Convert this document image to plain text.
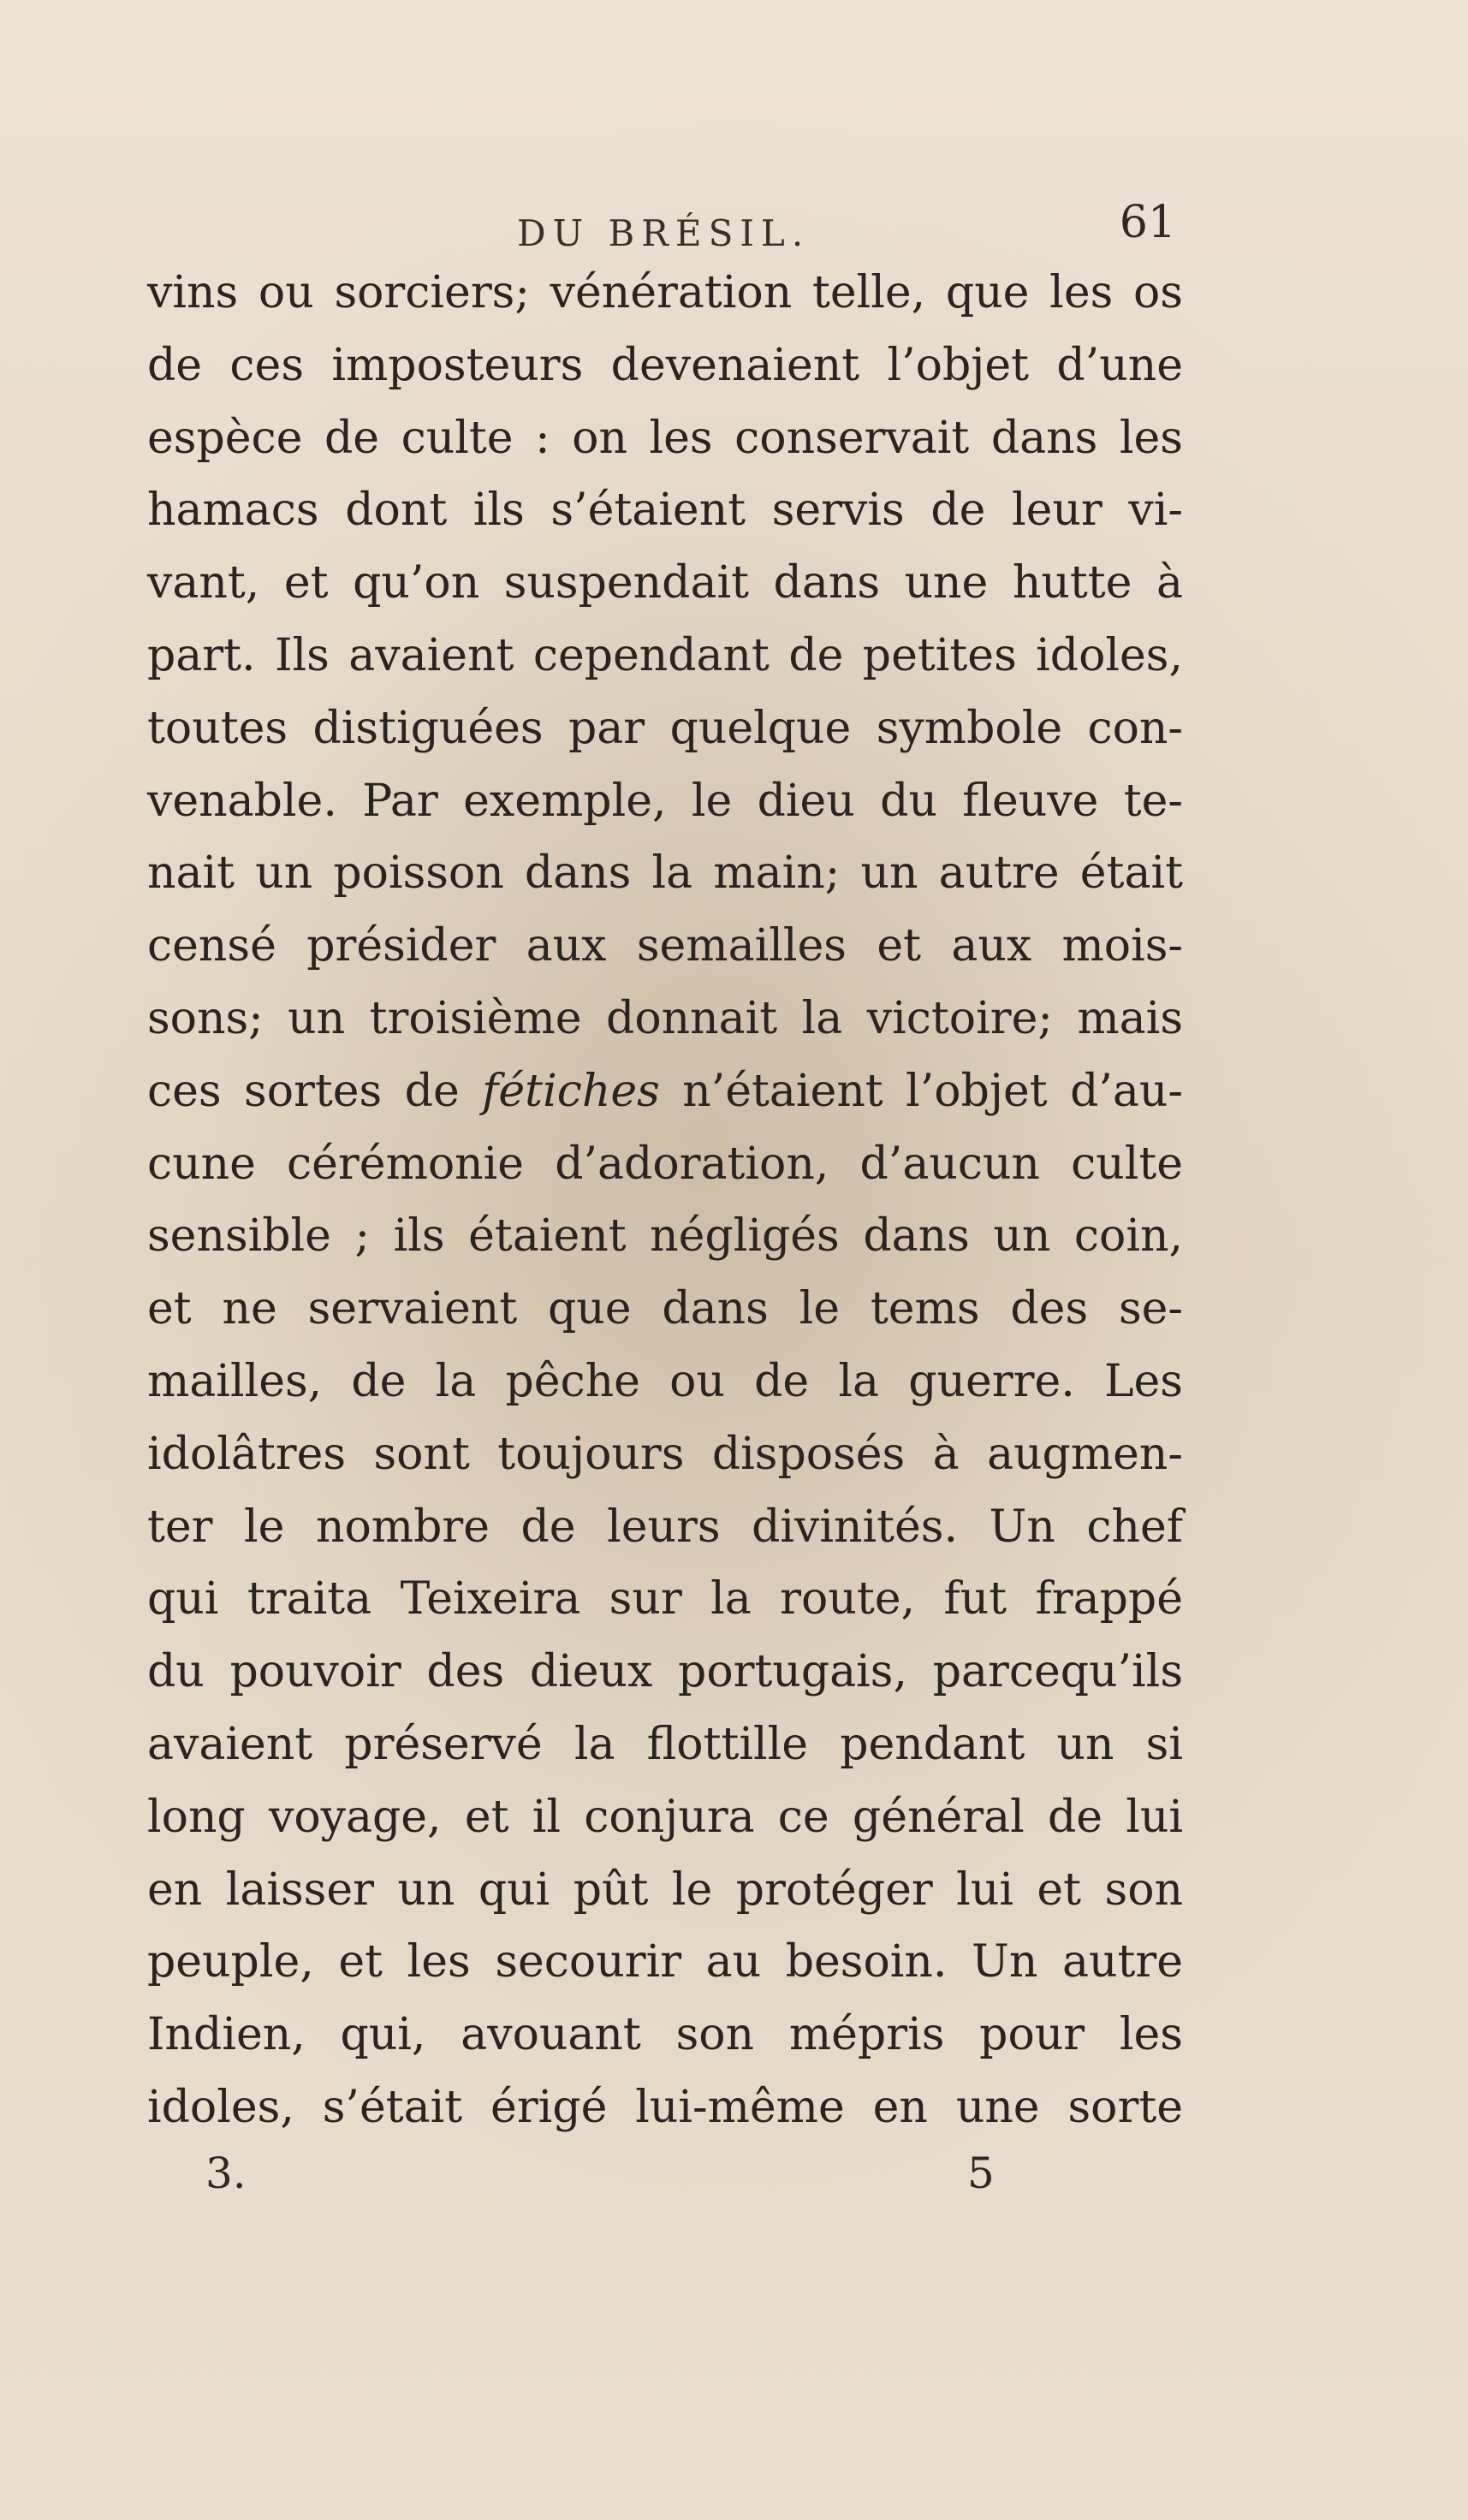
DU BRÉSIL.	61
vins ou sorciers; vénération telle, que les os
de ces imposteurs devenaient l’objet d’une
espèce de culte : on les conservait dans les
hamacs dont ils s’étaient servis de leur vi-
vant, et qu’on suspendait dans une hutte à
part. Ils avaient cependant de petites idoles,
toutes distiguées par quelque symbole con-
venable. Par exemple, le dieu du fleuve te-
nait un poisson dans la main; un autre était
censé présider aux semailles et aux mois-
sons; un troisième donnait la victoire; mais
ces sortes de fétiches n’étaient l’objet d’au-
cune cérémonie d’adoration, d’aucun culte
sensible ; ils étaient négligés dans un coin,
et ne servaient que dans le tems des se-
mailles, de la pêche ou de la guerre. Les
idolâtres sont toujours disposés à augmen-
ter le nombre de leurs divinités. Un chef
qui traita Teixeira sur la route, fut frappé
du pouvoir des dieux portugais, parcequ’ils
avaient préservé la flottille pendant un si
long voyage, et il conjura ce général de lui
en laisser un qui pût le protéger lui et son
peuple, et les secourir au besoin. Un autre
Indien, qui, avouant son mépris pour les
idoles, s’était érigé lui-même en une sorte
3.	5
